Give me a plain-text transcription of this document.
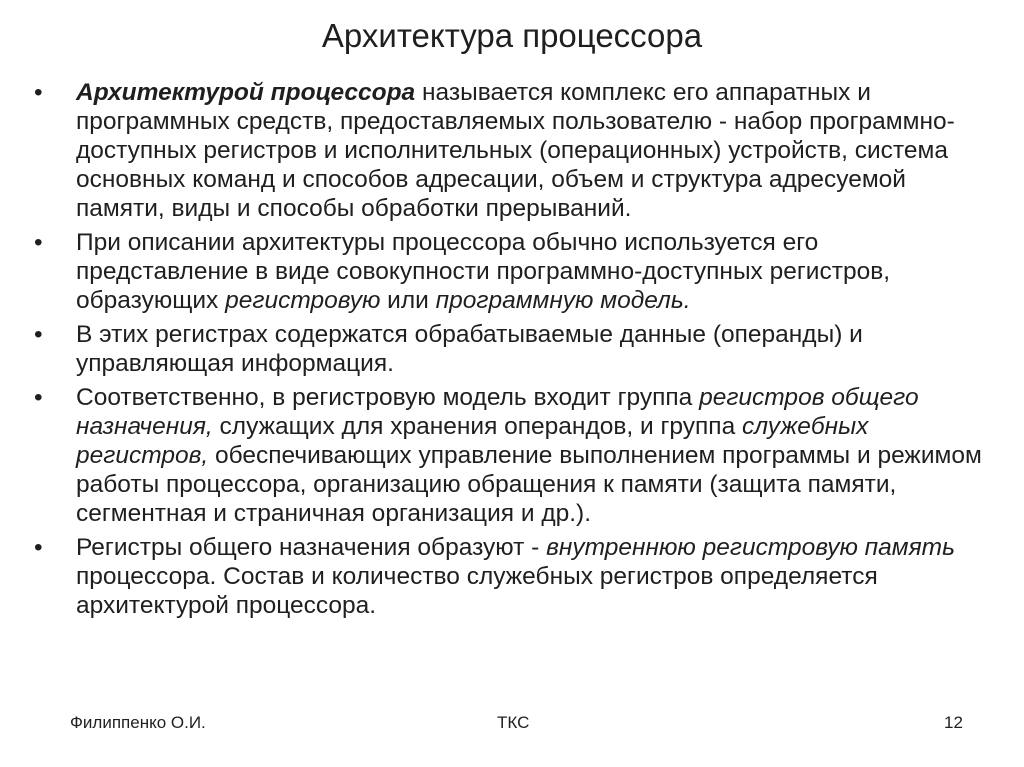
Архитектура процессора
•	Архитектурой процессора называется комплекс его аппаратных и программных средств, предоставляемых пользователю - набор программно-доступных регистров и исполнительных (операционных) устройств, система основных команд и способов адресации, объем и структура адресуемой памяти, виды и способы обработки прерываний.
•	При описании архитектуры процессора обычно используется его представление в виде совокупности программно-доступных регистров, образующих регистровую или программную модель.
•	В этих регистрах содержатся обрабатываемые данные (операнды) и управляющая информация.
•	Соответственно, в регистровую модель входит группа регистров общего назначения, служащих для хранения операндов, и группа служебных регистров, обеспечивающих управление выполнением программы и режимом работы процессора, организацию обращения к памяти (защита памяти, сегментная и страничная организация и др.).
•	Регистры общего назначения образуют - внутреннюю регистровую память процессора. Состав и количество служебных регистров определяется архитектурой процессора.
Филиппенко О.И.	ТКС	12
